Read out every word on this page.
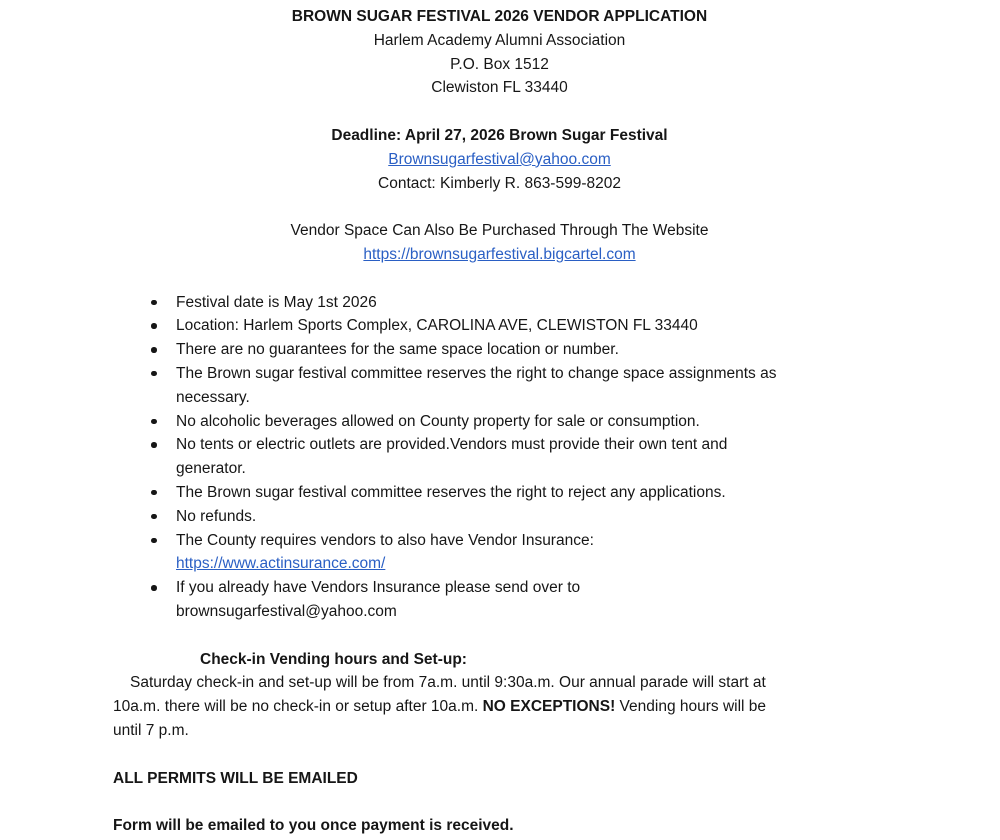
BROWN SUGAR FESTIVAL 2026 VENDOR APPLICATION
Harlem Academy Alumni Association
P.O. Box 1512
Clewiston FL 33440
Deadline: April 27, 2026 Brown Sugar Festival
Brownsugarfestival@yahoo.com
Contact: Kimberly R. 863-599-8202
Vendor Space Can Also Be Purchased Through The Website
https://brownsugarfestival.bigcartel.com
Festival date is May 1st 2026
Location: Harlem Sports Complex, CAROLINA AVE, CLEWISTON FL 33440
There are no guarantees for the same space location or number.
The Brown sugar festival committee reserves the right to change space assignments as
necessary.
No alcoholic beverages allowed on County property for sale or consumption.
No tents or electric outlets are provided.Vendors must provide their own tent and
generator.
The Brown sugar festival committee reserves the right to reject any applications.
No refunds.
The County requires vendors to also have Vendor Insurance:
https://www.actinsurance.com/
If you already have Vendors Insurance please send over to
brownsugarfestival@yahoo.com
Check-in Vending hours and Set-up:
Saturday check-in and set-up will be from 7a.m. until 9:30a.m. Our annual parade will start at
10a.m. there will be no check-in or setup after 10a.m. NO EXCEPTIONS! Vending hours will be
until 7 p.m.
ALL PERMITS WILL BE EMAILED
Form will be emailed to you once payment is received.
